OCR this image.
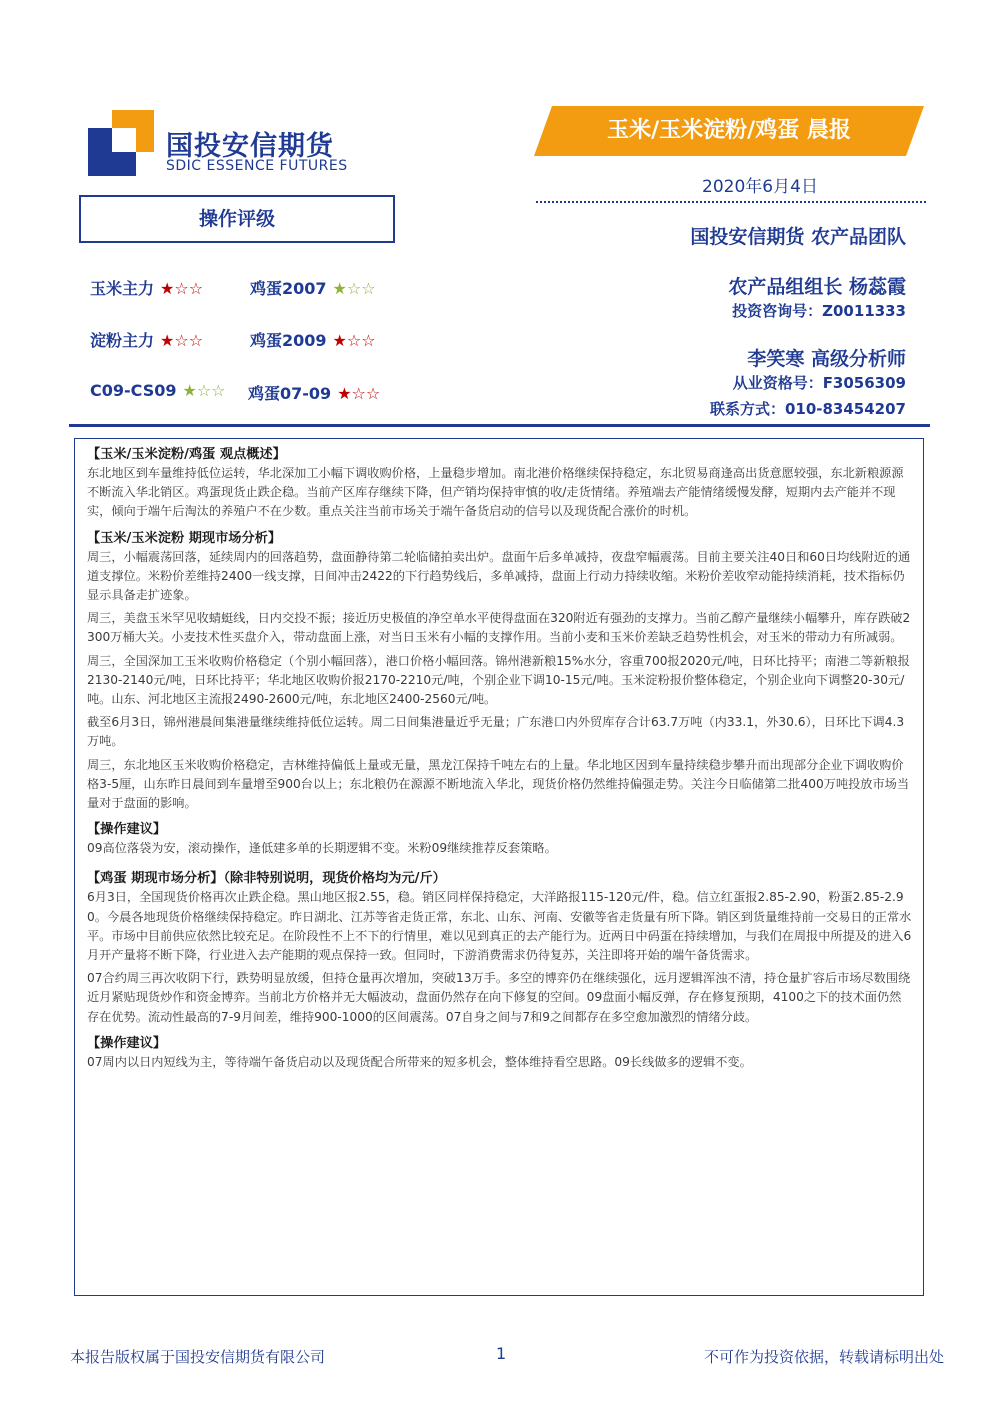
国投安信期货
SDIC ESSENCE FUTURES
玉米/玉米淀粉/鸡蛋 晨报
2020年6月4日
国投安信期货 农产品团队
农产品组组长 杨蕊霞
投资咨询号：Z0011333
李笑寒 高级分析师
从业资格号：F3056309
联系方式：010-83454207
操作评级
玉米主力 ★☆☆	鸡蛋2007 ★☆☆
淀粉主力 ★☆☆	鸡蛋2009 ★☆☆
C09-CS09 ★☆☆ 鸡蛋07-09 ★☆☆

【玉米/玉米淀粉/鸡蛋 观点概述】

东北地区到车量维持低位运转，华北深加工小幅下调收购价格，上量稳步增加。南北港价格继续保持稳定，东北贸易商逢高出货意愿较强，东北新粮源源不断流入华北销区。鸡蛋现货止跌企稳。当前产区库存继续下降，但产销均保持审慎的收/走货情绪。养殖端去产能情绪缓慢发酵，短期内去产能并不现实，倾向于端午后淘汰的养殖户不在少数。重点关注当前市场关于端午备货启动的信号以及现货配合涨价的时机。

【玉米/玉米淀粉 期现市场分析】

周三，小幅震荡回落，延续周内的回落趋势，盘面静待第二轮临储拍卖出炉。盘面午后多单减持，夜盘窄幅震荡。目前主要关注40日和60日均线附近的通道支撑位。米粉价差维持2400一线支撑，日间冲击2422的下行趋势线后，多单减持，盘面上行动力持续收缩。米粉价差收窄动能持续消耗，技术指标仍显示具备走扩迹象。

周三，美盘玉米罕见收蜻蜓线，日内交投不振；接近历史极值的净空单水平使得盘面在320附近有强劲的支撑力。当前乙醇产量继续小幅攀升，库存跌破2300万桶大关。小麦技术性买盘介入，带动盘面上涨，对当日玉米有小幅的支撑作用。当前小麦和玉米价差缺乏趋势性机会，对玉米的带动力有所减弱。

周三，全国深加工玉米收购价格稳定（个别小幅回落），港口价格小幅回落。锦州港新粮15%水分，容重700报2020元/吨，日环比持平；南港二等新粮报2130-2140元/吨，日环比持平；华北地区收购价报2170-2210元/吨，个别企业下调10-15元/吨。玉米淀粉报价整体稳定，个别企业向下调整20-30元/吨。山东、河北地区主流报2490-2600元/吨，东北地区2400-2560元/吨。

截至6月3日，锦州港晨间集港量继续维持低位运转。周二日间集港量近乎无量；广东港口内外贸库存合计63.7万吨（内33.1，外30.6），日环比下调4.3万吨。

周三，东北地区玉米收购价格稳定，吉林维持偏低上量或无量，黑龙江保持千吨左右的上量。华北地区因到车量持续稳步攀升而出现部分企业下调收购价格3-5厘，山东昨日晨间到车量增至900台以上；东北粮仍在源源不断地流入华北，现货价格仍然维持偏强走势。关注今日临储第二批400万吨投放市场当量对于盘面的影响。

【操作建议】

09高位落袋为安，滚动操作，逢低建多单的长期逻辑不变。米粉09继续推荐反套策略。

【鸡蛋 期现市场分析】（除非特别说明，现货价格均为元/斤）

6月3日，全国现货价格再次止跌企稳。黑山地区报2.55，稳。销区同样保持稳定，大洋路报115-120元/件，稳。信立红蛋报2.85-2.90，粉蛋2.85-2.90。今晨各地现货价格继续保持稳定。昨日湖北、江苏等省走货正常，东北、山东、河南、安徽等省走货量有所下降。销区到货量维持前一交易日的正常水平。市场中目前供应依然比较充足。在阶段性不上不下的行情里，难以见到真正的去产能行为。近两日中码蛋在持续增加，与我们在周报中所提及的进入6月开产量将不断下降，行业进入去产能期的观点保持一致。但同时，下游消费需求仍待复苏，关注即将开始的端午备货需求。

07合约周三再次收阴下行，跌势明显放缓，但持仓量再次增加，突破13万手。多空的博弈仍在继续强化，远月逻辑浑浊不清，持仓量扩容后市场尽数围绕近月紧贴现货炒作和资金博弈。当前北方价格并无大幅波动，盘面仍然存在向下修复的空间。09盘面小幅反弹，存在修复预期，4100之下的技术面仍然存在优势。流动性最高的7-9月间差，维持900-1000的区间震荡。07自身之间与7和9之间都存在多空愈加激烈的情绪分歧。

【操作建议】

07周内以日内短线为主，等待端午备货启动以及现货配合所带来的短多机会，整体维持看空思路。09长线做多的逻辑不变。

本报告版权属于国投安信期货有限公司	1	不可作为投资依据，转载请标明出处
